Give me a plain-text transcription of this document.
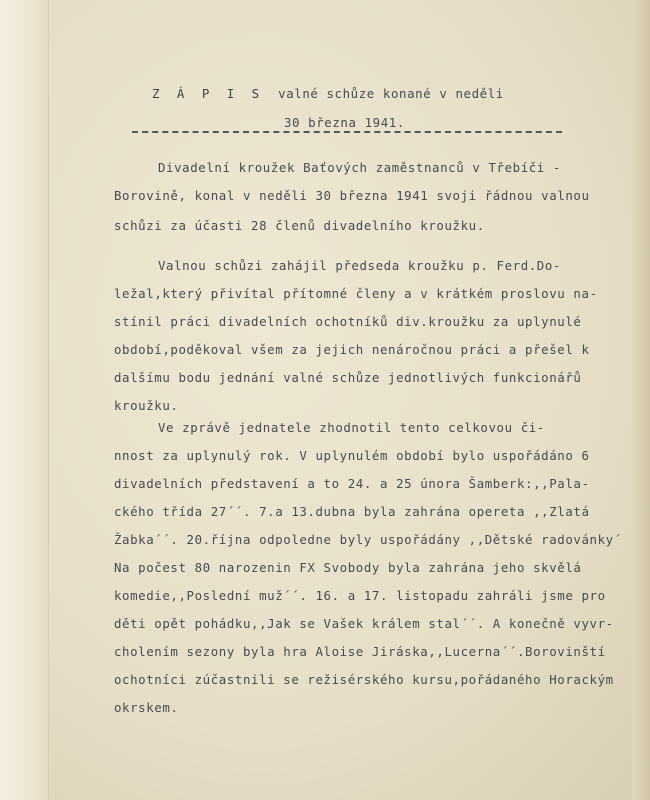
Z Á P I S valné schůze konané v neděli
30 března 1941.
Divadelní kroužek Baťových zaměstnanců v Třebíči -
Borovině, konal v neděli 30 března 1941 svoji řádnou valnou
schůzi za účasti 28 členů divadelního kroužku.
Valnou schůzi zahájil předseda kroužku p. Ferd.Do-
ležal,který přivítal přítomné členy a v krátkém proslovu na-
stínil práci divadelních ochotníků div.kroužku za uplynulé
období,poděkoval všem za jejich nenáročnou práci a přešel k
dalšímu bodu jednání valné schůze jednotlivých funkcionářů
kroužku.
Ve zprávě jednatele zhodnotil tento celkovou či-
nnost za uplynulý rok. V uplynulém období bylo uspořádáno 6
divadelních představení a to 24. a 25 února Šamberk:,,Pala-
ckého třída 27´´. 7.a 13.dubna byla zahrána opereta ,,Zlatá
Žabka´´. 20.října odpoledne byly uspořádány ,,Dětské radovánky´
Na počest 80 narozenin FX Svobody byla zahrána jeho skvělá
komedie,,Poslední muž´´. 16. a 17. listopadu zahráli jsme pro
děti opět pohádku,,Jak se Vašek králem stal´´. A konečně vyvr-
cholením sezony byla hra Aloise Jiráska,,Lucerna´´.Borovinští
ochotníci zúčastnili se režisérského kursu,pořádaného Horackým
okrskem.
